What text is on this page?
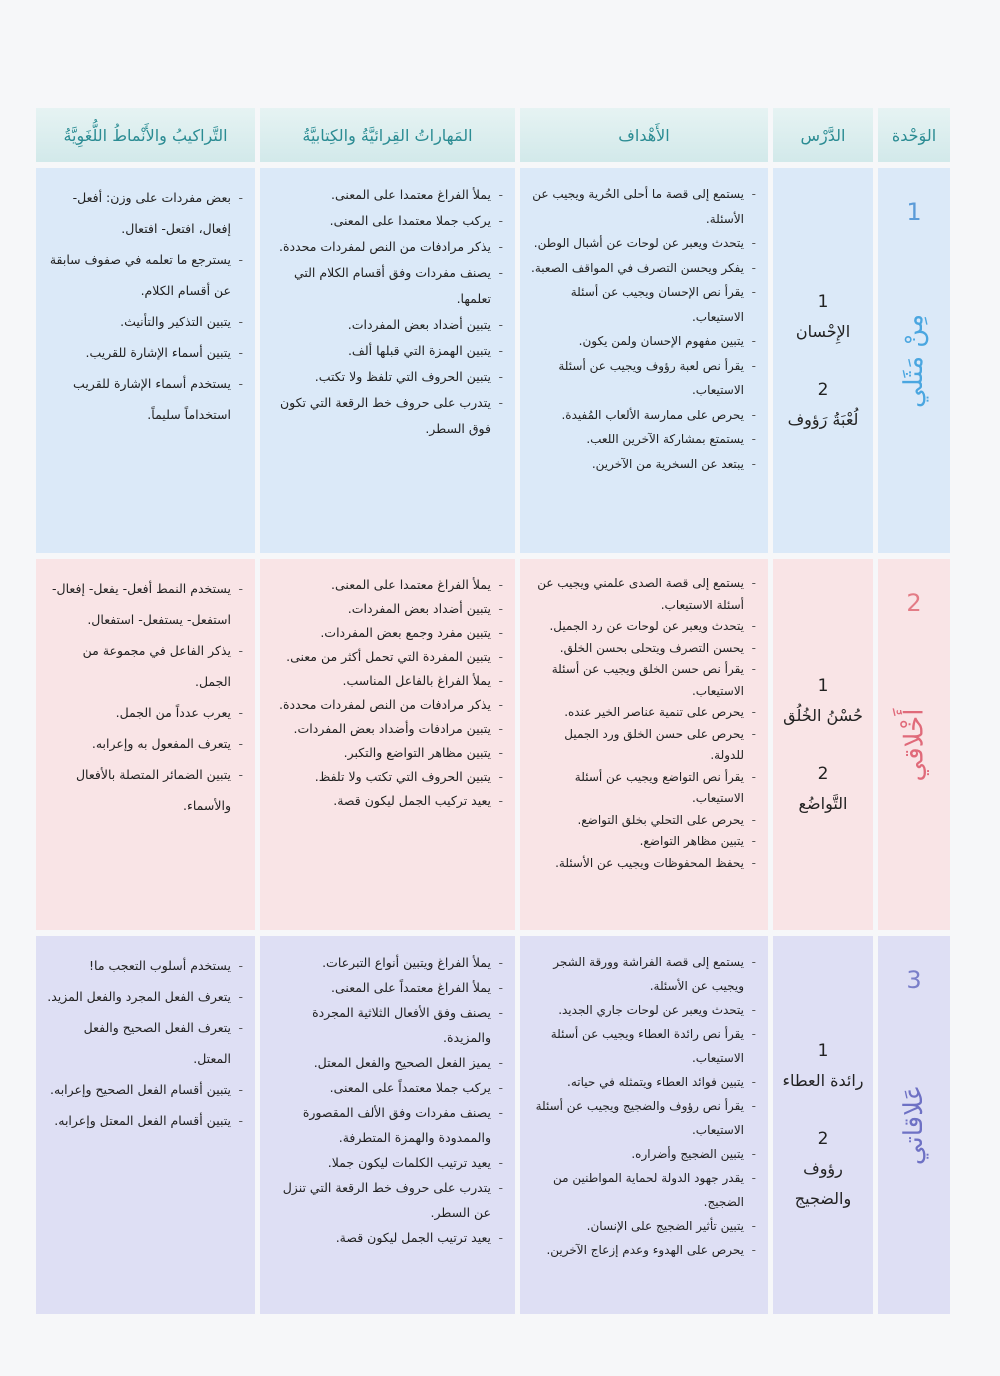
الوَحْدة
الدَّرْس
الأَهْداف
المَهاراتُ القِرائيَّةُ والكِتابيَّةُ
التَّراكيبُ والأَنْماطُ اللُّغَوِيَّةُ
1
مِنْ مَثَلي
1
الإِحْسان
2
لُعْبَةُ رَؤوف
- يستمع إلى قصة ما أحلى الحُرية ويجيب عن الأسئلة.
- يتحدث ويعبر عن لوحات عن أشبال الوطن.
- يفكر ويحسن التصرف في المواقف الصعبة.
- يقرأ نص الإحسان ويجيب عن أسئلة الاستيعاب.
- يتبين مفهوم الإحسان ولمن يكون.
- يقرأ نص لعبة رؤوف ويجيب عن أسئلة الاستيعاب.
- يحرص على ممارسة الألعاب المُفيدة.
- يستمتع بمشاركة الآخرين اللعب.
- يبتعد عن السخرية من الآخرين.
- يملأ الفراغ معتمدا على المعنى.
- يركب جملا معتمدا على المعنى.
- يذكر مرادفات من النص لمفردات محددة.
- يصنف مفردات وفق أقسام الكلام التي تعلمها.
- يتبين أضداد بعض المفردات.
- يتبين الهمزة التي قبلها ألف.
- يتبين الحروف التي تلفظ ولا تكتب.
- يتدرب على حروف خط الرقعة التي تكون فوق السطر.
- بعض مفردات على وزن: أفعل- إفعال، افتعل- افتعال.
- يسترجع ما تعلمه في صفوف سابقة عن أقسام الكلام.
- يتبين التذكير والتأنيث.
- يتبين أسماء الإشارة للقريب.
- يستخدم أسماء الإشارة للقريب استخداماً سليماً.
2
أَخْلاقي
1
حُسْنُ الخُلُق
2
التَّواضُع
- يستمع إلى قصة الصدى علمني ويجيب عن أسئلة الاستيعاب.
- يتحدث ويعبر عن لوحات عن رد الجميل.
- يحسن التصرف ويتحلى بحسن الخلق.
- يقرأ نص حسن الخلق ويجيب عن أسئلة الاستيعاب.
- يحرص على تنمية عناصر الخير عنده.
- يحرص على حسن الخلق ورد الجميل للدولة.
- يقرأ نص التواضع ويجيب عن أسئلة الاستيعاب.
- يحرص على التحلي بخلق التواضع.
- يتبين مظاهر التواضع.
- يحفظ المحفوظات ويجيب عن الأسئلة.
- يملأ الفراغ معتمدا على المعنى.
- يتبين أضداد بعض المفردات.
- يتبين مفرد وجمع بعض المفردات.
- يتبين المفردة التي تحمل أكثر من معنى.
- يملأ الفراغ بالفاعل المناسب.
- يذكر مرادفات من النص لمفردات محددة.
- يتبين مرادفات وأضداد بعض المفردات.
- يتبين مظاهر التواضع والتكبر.
- يتبين الحروف التي تكتب ولا تلفظ.
- يعيد تركيب الجمل ليكون قصة.
- يستخدم النمط أفعل- يفعل- إفعال- استفعل- يستفعل- استفعال.
- يذكر الفاعل في مجموعة من الجمل.
- يعرب عدداً من الجمل.
- يتعرف المفعول به وإعرابه.
- يتبين الضمائر المتصلة بالأفعال والأسماء.
3
عَلاقاتي
1
رائدة العطاء
2
رؤوف والضجيج
- يستمع إلى قصة الفراشة وورقة الشجر ويجيب عن الأسئلة.
- يتحدث ويعبر عن لوحات جاري الجديد.
- يقرأ نص رائدة العطاء ويجيب عن أسئلة الاستيعاب.
- يتبين فوائد العطاء ويتمثله في حياته.
- يقرأ نص رؤوف والضجيج ويجيب عن أسئلة الاستيعاب.
- يتبين الضجيج وأضراره.
- يقدر جهود الدولة لحماية المواطنين من الضجيج.
- يتبين تأثير الضجيج على الإنسان.
- يحرص على الهدوء وعدم إزعاج الآخرين.
- يملأ الفراغ ويتبين أنواع التبرعات.
- يملأ الفراغ معتمداً على المعنى.
- يصنف وفق الأفعال الثلاثية المجردة والمزيدة.
- يميز الفعل الصحيح والفعل المعتل.
- يركب جملا معتمداً على المعنى.
- يصنف مفردات وفق الألف المقصورة والممدودة والهمزة المتطرفة.
- يعيد ترتيب الكلمات ليكون جملا.
- يتدرب على حروف خط الرقعة التي تنزل عن السطر.
- يعيد ترتيب الجمل ليكون قصة.
- يستخدم أسلوب التعجب ما!
- يتعرف الفعل المجرد والفعل المزيد.
- يتعرف الفعل الصحيح والفعل المعتل.
- يتبين أقسام الفعل الصحيح وإعرابه.
- يتبين أقسام الفعل المعتل وإعرابه.
